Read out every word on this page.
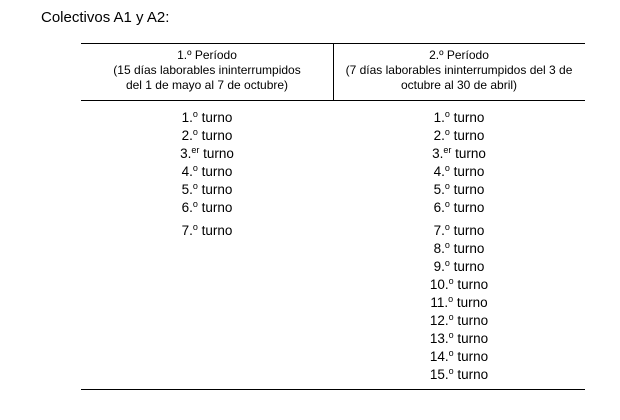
Colectivos A1 y A2:
1.º Período
(15 días laborables ininterrumpidos
del 1 de mayo al 7 de octubre)
1.$^o$ turno
2.$^o$ turno
3.$^{er}$ turno
4.$^o$ turno
5.$^o$ turno
6.$^o$ turno
7.$^o$ turno
2.º Período
(7 días laborables ininterrumpidos del 3 de
octubre al 30 de abril)
1.$^o$ turno
2.$^o$ turno
3.$^{er}$ turno
4.$^o$ turno
5.$^o$ turno
6.$^o$ turno
7.$^o$ turno
8.$^o$ turno
9.$^o$ turno
10.$^o$ turno
11.$^o$ turno
12.$^o$ turno
13.$^o$ turno
14.$^o$ turno
15.$^o$ turno
